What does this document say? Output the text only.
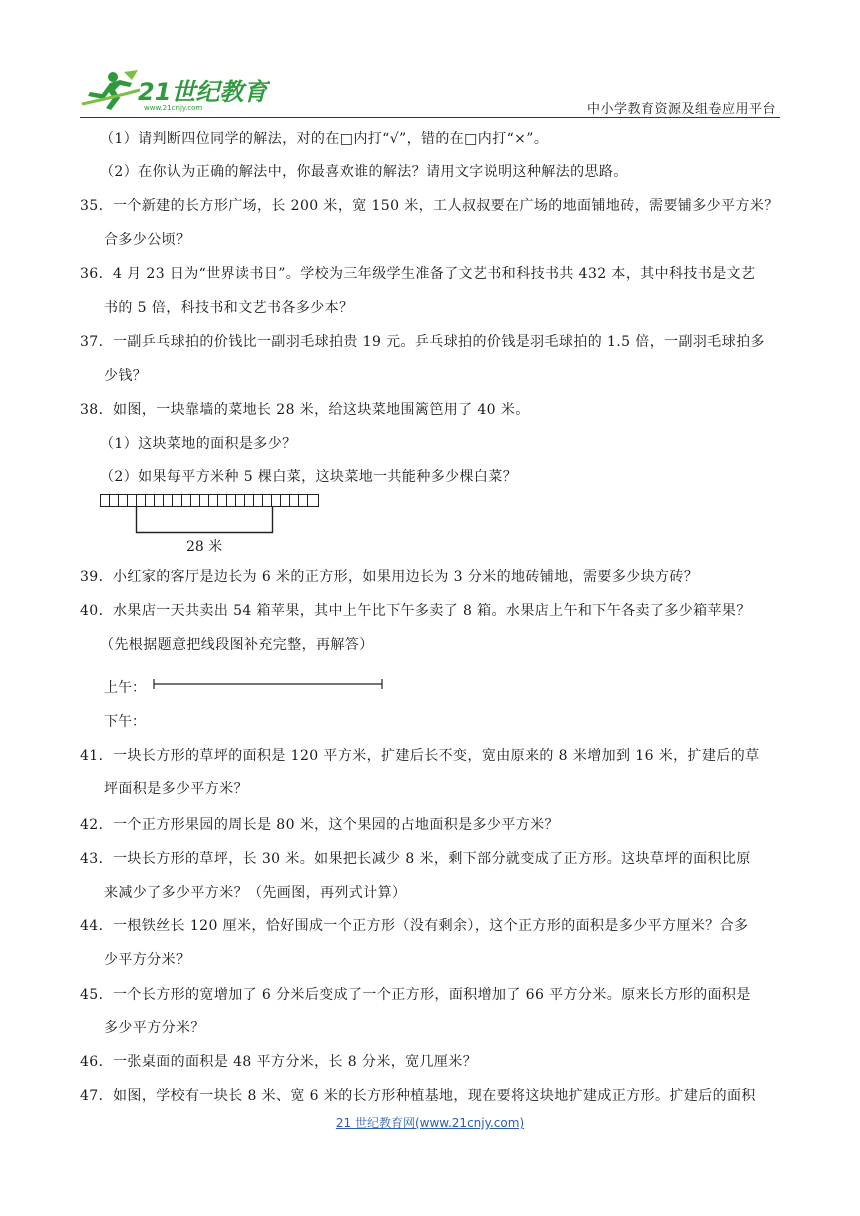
21世纪教育
www.21cnjy.com	中小学教育资源及组卷应用平台
（1）请判断四位同学的解法，对的在□内打“√”，错的在□内打“×”。
（2）在你认为正确的解法中，你最喜欢谁的解法？请用文字说明这种解法的思路。
35．一个新建的长方形广场，长 200 米，宽 150 米，工人叔叔要在广场的地面铺地砖，需要铺多少平方米？
合多少公顷？
36．4 月 23 日为“世界读书日”。学校为三年级学生准备了文艺书和科技书共 432 本，其中科技书是文艺
书的 5 倍，科技书和文艺书各多少本？
37．一副乒乓球拍的价钱比一副羽毛球拍贵 19 元。乒乓球拍的价钱是羽毛球拍的 1.5 倍，一副羽毛球拍多
少钱？
38．如图，一块靠墙的菜地长 28 米，给这块菜地围篱笆用了 40 米。
（1）这块菜地的面积是多少？
（2）如果每平方米种 5 棵白菜，这块菜地一共能种多少棵白菜？
28 米
39．小红家的客厅是边长为 6 米的正方形，如果用边长为 3 分米的地砖铺地，需要多少块方砖？
40．水果店一天共卖出 54 箱苹果，其中上午比下午多卖了 8 箱。水果店上午和下午各卖了多少箱苹果？
（先根据题意把线段图补充完整，再解答）
上午：
下午：
41．一块长方形的草坪的面积是 120 平方米，扩建后长不变，宽由原来的 8 米增加到 16 米，扩建后的草
坪面积是多少平方米？
42．一个正方形果园的周长是 80 米，这个果园的占地面积是多少平方米？
43．一块长方形的草坪，长 30 米。如果把长减少 8 米，剩下部分就变成了正方形。这块草坪的面积比原
来减少了多少平方米？（先画图，再列式计算）
44．一根铁丝长 120 厘米，恰好围成一个正方形（没有剩余），这个正方形的面积是多少平方厘米？合多
少平方分米？
45．一个长方形的宽增加了 6 分米后变成了一个正方形，面积增加了 66 平方分米。原来长方形的面积是
多少平方分米？
46．一张桌面的面积是 48 平方分米，长 8 分米，宽几厘米？
47．如图，学校有一块长 8 米、宽 6 米的长方形种植基地，现在要将这块地扩建成正方形。扩建后的面积
21 世纪教育网(www.21cnjy.com)
